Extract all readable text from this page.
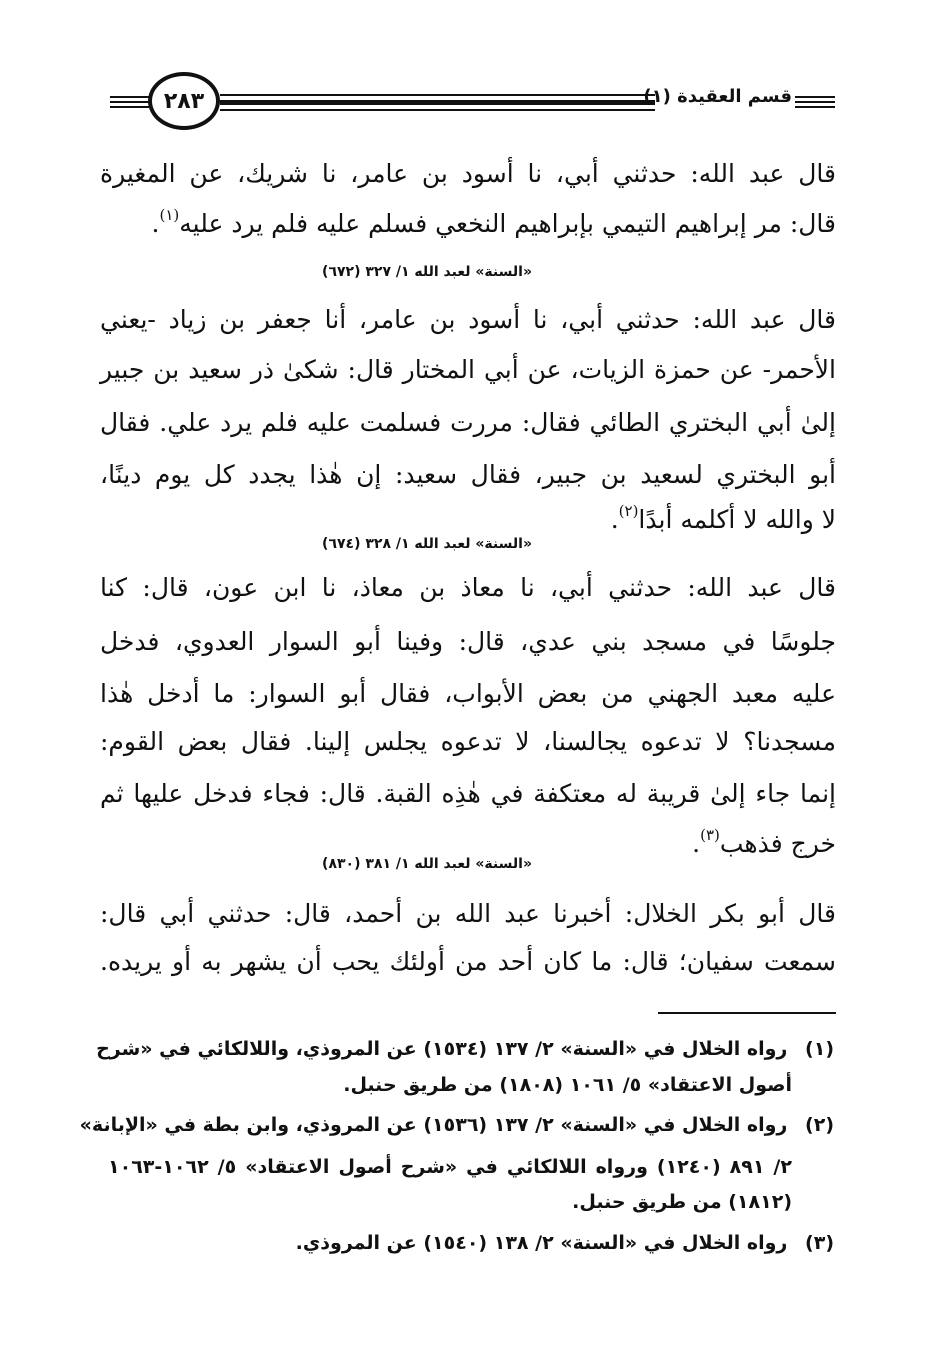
٢٨٣	قسم العقيدة (١)
قال عبد الله: حدثني أبي، نا أسود بن عامر، نا شريك، عن المغيرة
قال: مر إبراهيم التيمي بإبراهيم النخعي فسلم عليه فلم يرد عليه$^{(١)}$.
«السنة» لعبد الله ١/ ٣٢٧ (٦٧٢)
قال عبد الله: حدثني أبي، نا أسود بن عامر، أنا جعفر بن زياد -يعني
الأحمر- عن حمزة الزيات، عن أبي المختار قال: شكىٰ ذر سعيد بن جبير
إلىٰ أبي البختري الطائي فقال: مررت فسلمت عليه فلم يرد علي. فقال
أبو البختري لسعيد بن جبير، فقال سعيد: إن هٰذا يجدد كل يوم دينًا،
لا والله لا أكلمه أبدًا$^{(٢)}$.
«السنة» لعبد الله ١/ ٣٢٨ (٦٧٤)
قال عبد الله: حدثني أبي، نا معاذ بن معاذ، نا ابن عون، قال: كنا
جلوسًا في مسجد بني عدي، قال: وفينا أبو السوار العدوي، فدخل
عليه معبد الجهني من بعض الأبواب، فقال أبو السوار: ما أدخل هٰذا
مسجدنا؟ لا تدعوه يجالسنا، لا تدعوه يجلس إلينا. فقال بعض القوم:
إنما جاء إلىٰ قريبة له معتكفة في هٰذِه القبة. قال: فجاء فدخل عليها ثم
خرج فذهب$^{(٣)}$.
«السنة» لعبد الله ١/ ٣٨١ (٨٣٠)
قال أبو بكر الخلال: أخبرنا عبد الله بن أحمد، قال: حدثني أبي قال:
سمعت سفيان؛ قال: ما كان أحد من أولئك يحب أن يشهر به أو يريده.
(١) رواه الخلال في «السنة» ٢/ ١٣٧ (١٥٣٤) عن المروذي، واللالكائي في «شرح
أصول الاعتقاد» ٥/ ١٠٦١ (١٨٠٨) من طريق حنبل.
(٢) رواه الخلال في «السنة» ٢/ ١٣٧ (١٥٣٦) عن المروذي، وابن بطة في «الإبانة»
٢/ ٨٩١ (١٢٤٠) ورواه اللالكائي في «شرح أصول الاعتقاد» ٥/ ١٠٦٢-١٠٦٣
(١٨١٢) من طريق حنبل.
(٣) رواه الخلال في «السنة» ٢/ ١٣٨ (١٥٤٠) عن المروذي.
